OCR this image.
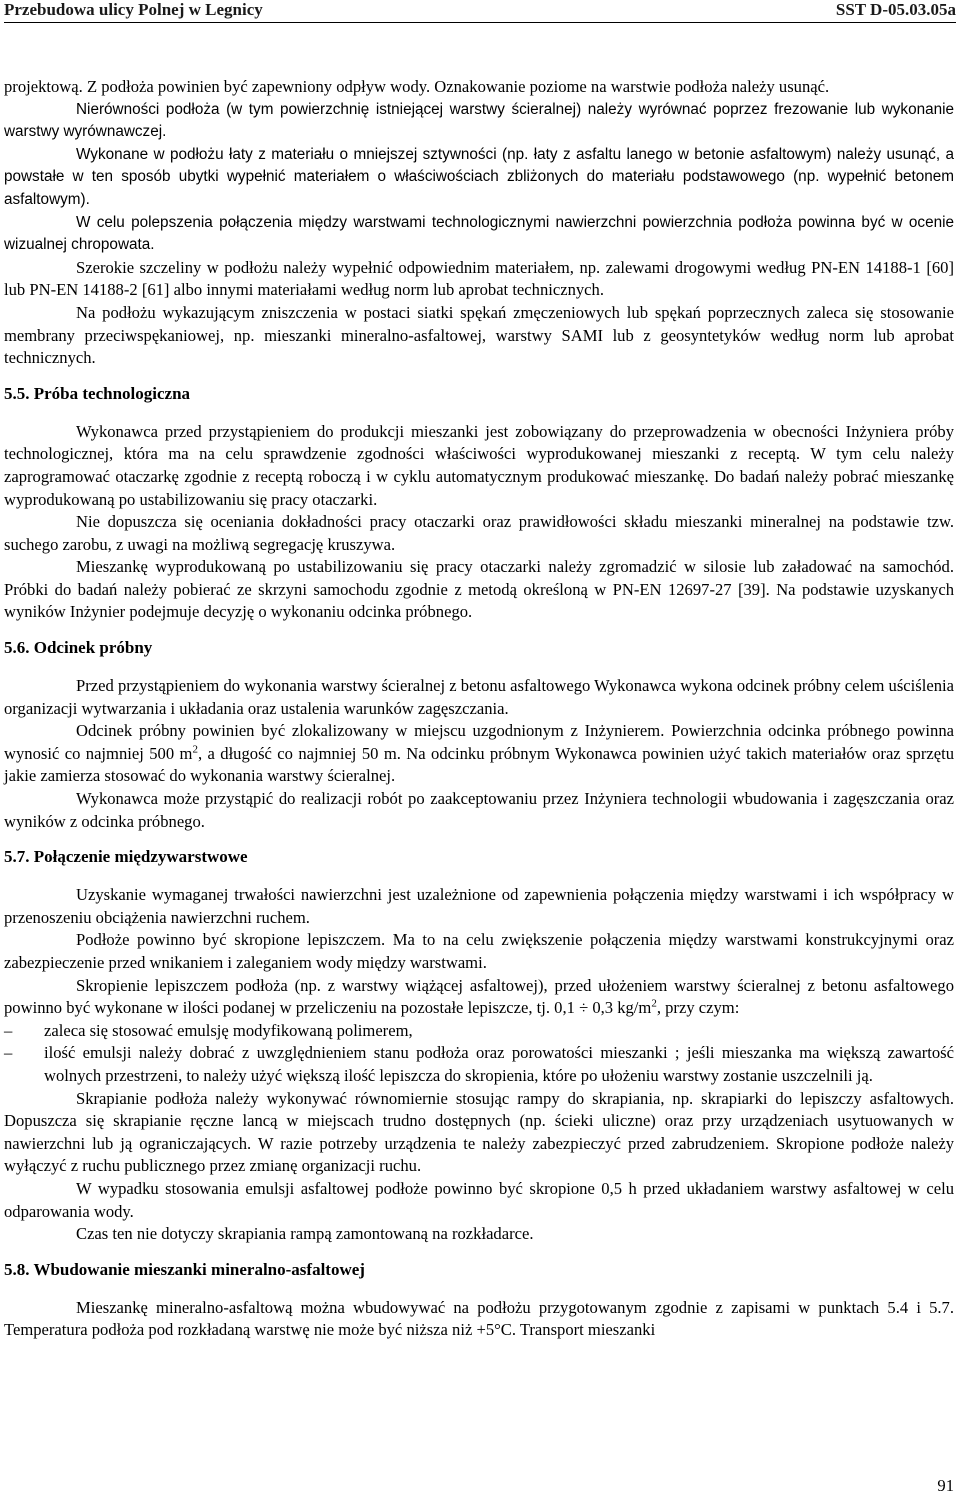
Przebudowa ulicy Polnej w Legnicy	SST D-05.03.05a

projektową. Z podłoża powinien być zapewniony odpływ wody. Oznakowanie poziome na warstwie podłoża należy usunąć.

Nierówności podłoża (w tym powierzchnię istniejącej warstwy ścieralnej) należy wyrównać poprzez frezowanie lub wykonanie warstwy wyrównawczej.

Wykonane w podłożu łaty z materiału o mniejszej sztywności (np. łaty z asfaltu lanego w betonie asfaltowym) należy usunąć, a powstałe w ten sposób ubytki wypełnić materiałem o właściwościach zbliżonych do materiału podstawowego (np. wypełnić betonem asfaltowym).

W celu polepszenia połączenia między warstwami technologicznymi nawierzchni powierzchnia podłoża powinna być w ocenie wizualnej chropowata.

Szerokie szczeliny w podłożu należy wypełnić odpowiednim materiałem, np. zalewami drogowymi według PN-EN 14188-1 [60] lub PN-EN 14188-2 [61] albo innymi materiałami według norm lub aprobat technicznych.

Na podłożu wykazującym zniszczenia w postaci siatki spękań zmęczeniowych lub spękań poprzecznych zaleca się stosowanie membrany przeciwspękaniowej, np. mieszanki mineralno-asfaltowej, warstwy SAMI lub z geosyntetyków według norm lub aprobat technicznych.

5.5. Próba technologiczna

Wykonawca przed przystąpieniem do produkcji mieszanki jest zobowiązany do przeprowadzenia w obecności Inżyniera próby technologicznej, która ma na celu sprawdzenie zgodności właściwości wyprodukowanej mieszanki z receptą. W tym celu należy zaprogramować otaczarkę zgodnie z receptą roboczą i w cyklu automatycznym produkować mieszankę. Do badań należy pobrać mieszankę wyprodukowaną po ustabilizowaniu się pracy otaczarki.

Nie dopuszcza się oceniania dokładności pracy otaczarki oraz prawidłowości składu mieszanki mineralnej na podstawie tzw. suchego zarobu, z uwagi na możliwą segregację kruszywa.

Mieszankę wyprodukowaną po ustabilizowaniu się pracy otaczarki należy zgromadzić w silosie lub załadować na samochód. Próbki do badań należy pobierać ze skrzyni samochodu zgodnie z metodą określoną w PN-EN 12697-27 [39]. Na podstawie uzyskanych wyników Inżynier podejmuje decyzję o wykonaniu odcinka próbnego.

5.6. Odcinek próbny

Przed przystąpieniem do wykonania warstwy ścieralnej z betonu asfaltowego Wykonawca wykona odcinek próbny celem uściślenia organizacji wytwarzania i układania oraz ustalenia warunków zagęszczania.

Odcinek próbny powinien być zlokalizowany w miejscu uzgodnionym z Inżynierem. Powierzchnia odcinka próbnego powinna wynosić co najmniej 500 $m^2$, a długość co najmniej 50 m. Na odcinku próbnym Wykonawca powinien użyć takich materiałów oraz sprzętu jakie zamierza stosować do wykonania warstwy ścieralnej.

Wykonawca może przystąpić do realizacji robót po zaakceptowaniu przez Inżyniera technologii wbudowania i zagęszczania oraz wyników z odcinka próbnego.

5.7. Połączenie międzywarstwowe

Uzyskanie wymaganej trwałości nawierzchni jest uzależnione od zapewnienia połączenia między warstwami i ich współpracy w przenoszeniu obciążenia nawierzchni ruchem.

Podłoże powinno być skropione lepiszczem. Ma to na celu zwiększenie połączenia między warstwami konstrukcyjnymi oraz zabezpieczenie przed wnikaniem i zaleganiem wody między warstwami.

Skropienie lepiszczem podłoża (np. z warstwy wiążącej asfaltowej), przed ułożeniem warstwy ścieralnej z betonu asfaltowego powinno być wykonane w ilości podanej w przeliczeniu na pozostałe lepiszcze, tj. 0,1 ÷ 0,3 $kg/m^2$, przy czym:

–	zaleca się stosować emulsję modyfikowaną polimerem,
–	ilość emulsji należy dobrać z uwzględnieniem stanu podłoża oraz porowatości mieszanki ; jeśli mieszanka ma większą zawartość wolnych przestrzeni, to należy użyć większą ilość lepiszcza do skropienia, które po ułożeniu warstwy zostanie uszczelnili ją.

Skrapianie podłoża należy wykonywać równomiernie stosując rampy do skrapiania, np. skrapiarki do lepiszczy asfaltowych. Dopuszcza się skrapianie ręczne lancą w miejscach trudno dostępnych (np. ścieki uliczne) oraz przy urządzeniach usytuowanych w nawierzchni lub ją ograniczających. W razie potrzeby urządzenia te należy zabezpieczyć przed zabrudzeniem. Skropione podłoże należy wyłączyć z ruchu publicznego przez zmianę organizacji ruchu.

W wypadku stosowania emulsji asfaltowej podłoże powinno być skropione 0,5 h przed układaniem warstwy asfaltowej w celu odparowania wody.

Czas ten nie dotyczy skrapiania rampą zamontowaną na rozkładarce.

5.8. Wbudowanie mieszanki mineralno-asfaltowej

Mieszankę mineralno-asfaltową można wbudowywać na podłożu przygotowanym zgodnie z zapisami w punktach 5.4 i 5.7. Temperatura podłoża pod rozkładaną warstwę nie może być niższa niż +5°C. Transport mieszanki

91
